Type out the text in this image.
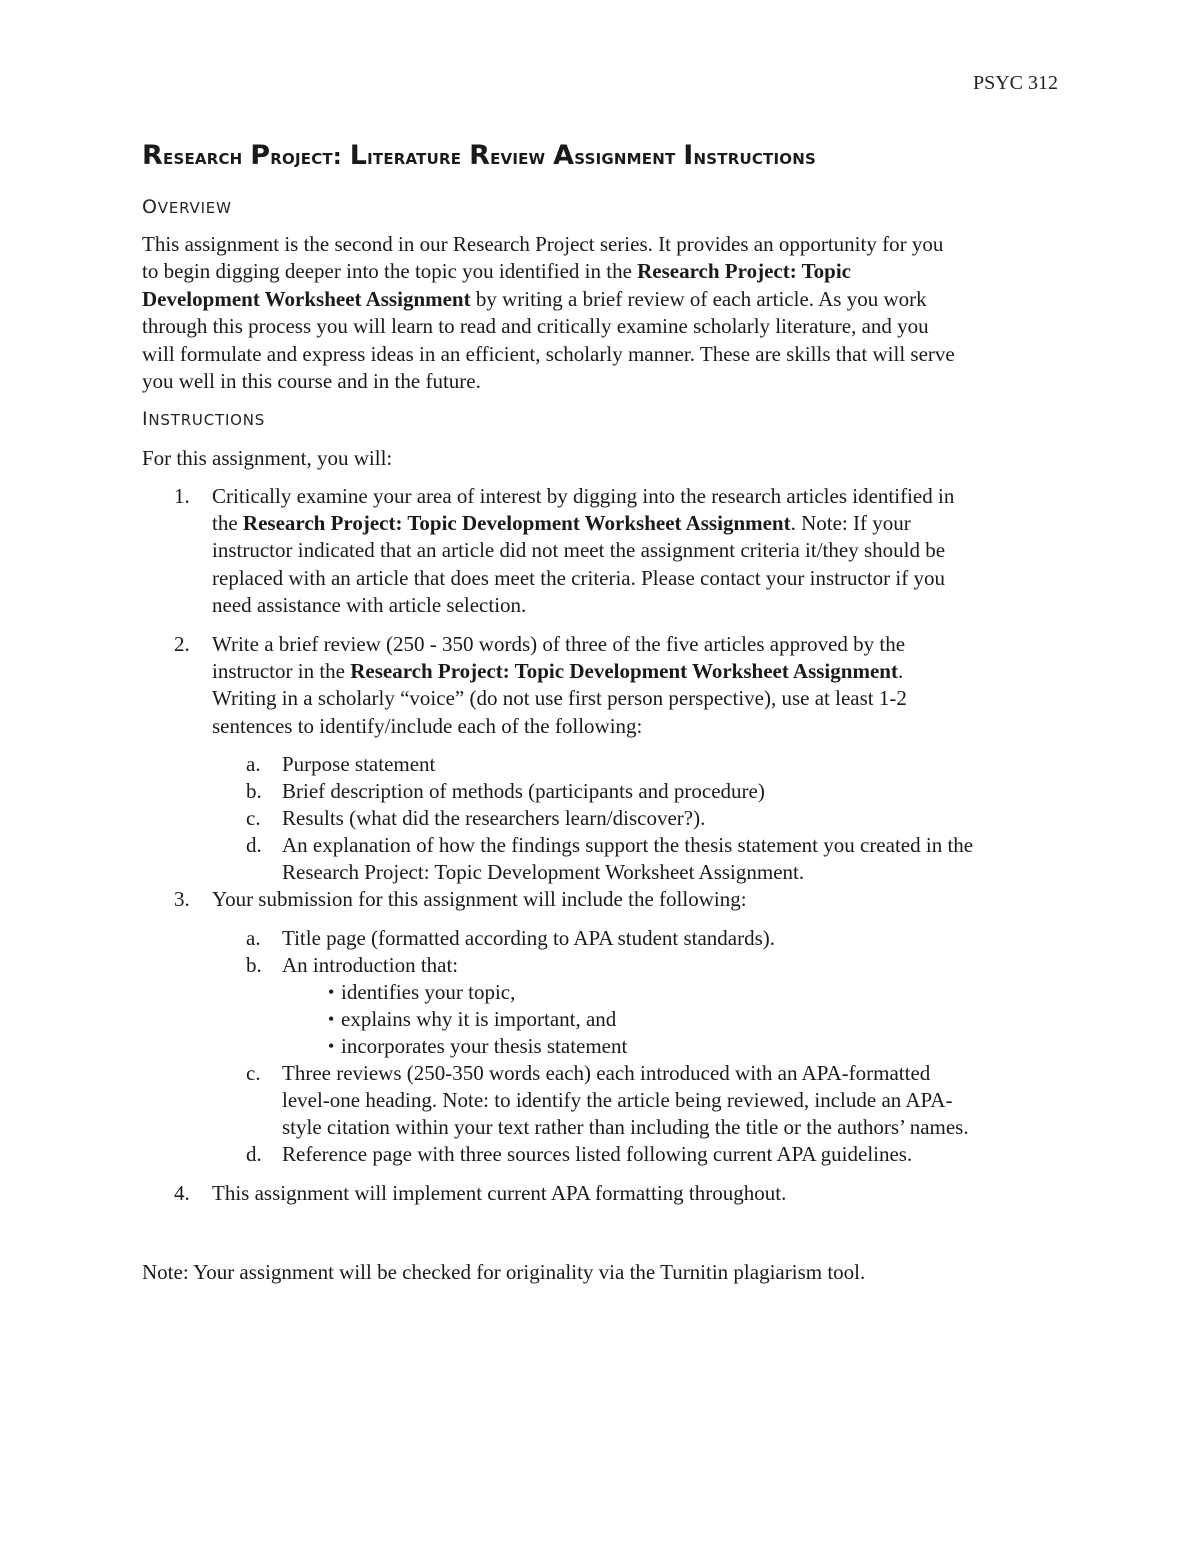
PSYC 312
Research Project: Literature Review Assignment Instructions
OVERVIEW
This assignment is the second in our Research Project series. It provides an opportunity for you
to begin digging deeper into the topic you identified in the Research Project: Topic
Development Worksheet Assignment by writing a brief review of each article. As you work
through this process you will learn to read and critically examine scholarly literature, and you
will formulate and express ideas in an efficient, scholarly manner. These are skills that will serve
you well in this course and in the future.
INSTRUCTIONS
For this assignment, you will:
1. Critically examine your area of interest by digging into the research articles identified in
the Research Project: Topic Development Worksheet Assignment. Note: If your
instructor indicated that an article did not meet the assignment criteria it/they should be
replaced with an article that does meet the criteria. Please contact your instructor if you
need assistance with article selection.
2. Write a brief review (250 - 350 words) of three of the five articles approved by the
instructor in the Research Project: Topic Development Worksheet Assignment.
Writing in a scholarly “voice” (do not use first person perspective), use at least 1-2
sentences to identify/include each of the following:
a. Purpose statement
b. Brief description of methods (participants and procedure)
c. Results (what did the researchers learn/discover?).
d. An explanation of how the findings support the thesis statement you created in the
Research Project: Topic Development Worksheet Assignment.
3. Your submission for this assignment will include the following:
a. Title page (formatted according to APA student standards).
b. An introduction that:
• identifies your topic,
• explains why it is important, and
• incorporates your thesis statement
c. Three reviews (250-350 words each) each introduced with an APA-formatted
level-one heading. Note: to identify the article being reviewed, include an APA-
style citation within your text rather than including the title or the authors’ names.
d. Reference page with three sources listed following current APA guidelines.
4. This assignment will implement current APA formatting throughout.
Note: Your assignment will be checked for originality via the Turnitin plagiarism tool.
